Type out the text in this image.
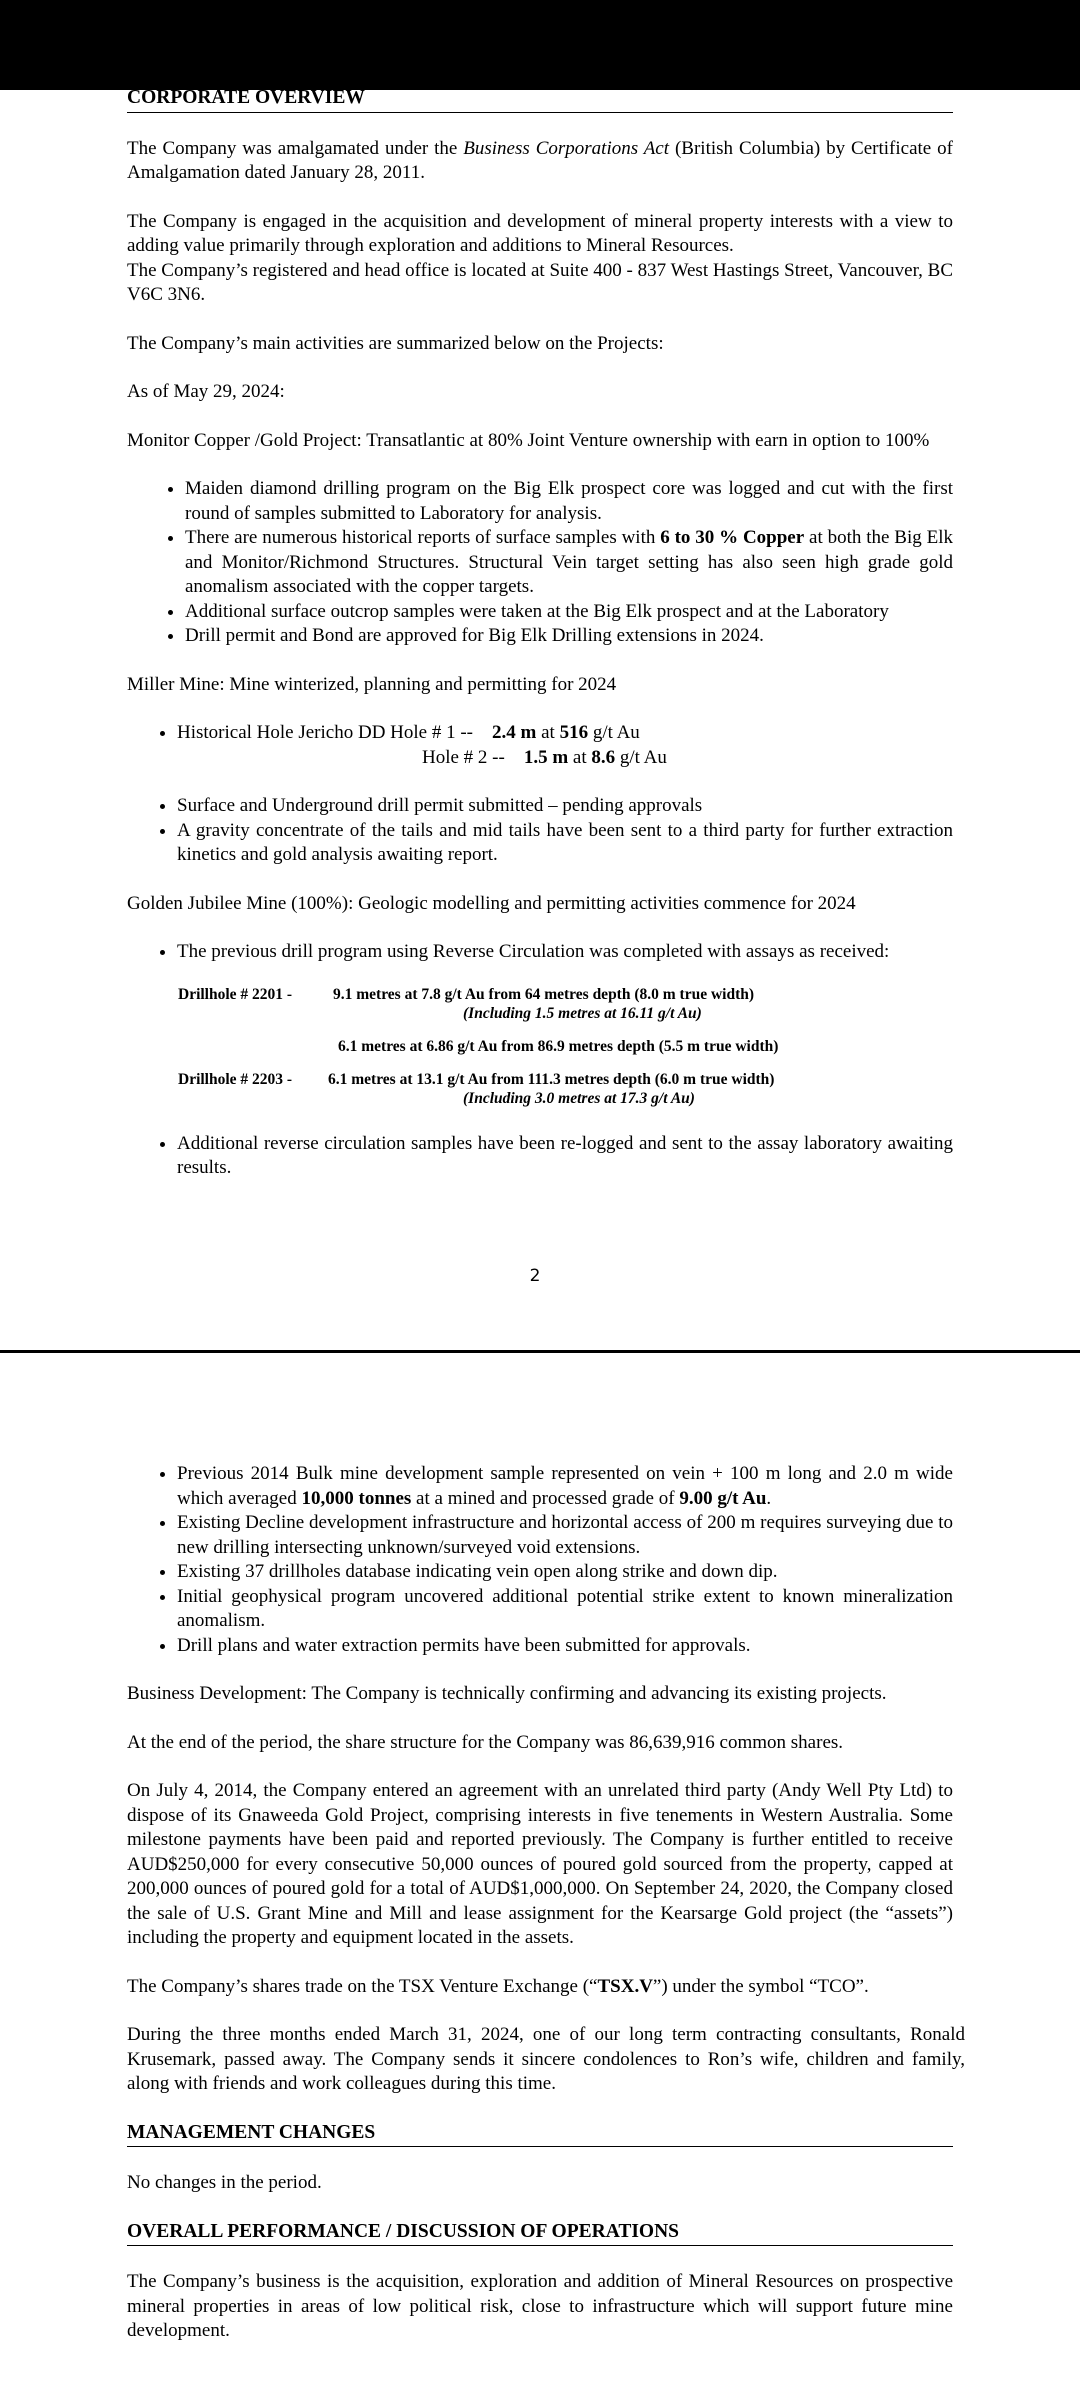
CORPORATE OVERVIEW

The Company was amalgamated under the Business Corporations Act (British Columbia) by Certificate of Amalgamation dated January 28, 2011.

The Company is engaged in the acquisition and development of mineral property interests with a view to adding value primarily through exploration and additions to Mineral Resources.

The Company’s registered and head office is located at Suite 400 - 837 West Hastings Street, Vancouver, BC V6C 3N6.

The Company’s main activities are summarized below on the Projects:

As of May 29, 2024:

Monitor Copper /Gold Project: Transatlantic at 80% Joint Venture ownership with earn in option to 100%

• Maiden diamond drilling program on the Big Elk prospect core was logged and cut with the first round of samples submitted to Laboratory for analysis.
• There are numerous historical reports of surface samples with 6 to 30 % Copper at both the Big Elk and Monitor/Richmond Structures. Structural Vein target setting has also seen high grade gold anomalism associated with the copper targets.
• Additional surface outcrop samples were taken at the Big Elk prospect and at the Laboratory
• Drill permit and Bond are approved for Big Elk Drilling extensions in 2024.

Miller Mine: Mine winterized, planning and permitting for 2024

• Historical Hole Jericho DD Hole # 1 --    2.4 m at 516 g/t Au
Hole # 2 --    1.5 m at 8.6 g/t Au
• Surface and Underground drill permit submitted – pending approvals
• A gravity concentrate of the tails and mid tails have been sent to a third party for further extraction kinetics and gold analysis awaiting report.

Golden Jubilee Mine (100%): Geologic modelling and permitting activities commence for 2024

• The previous drill program using Reverse Circulation was completed with assays as received:
Drillhole # 2201 -	9.1 metres at 7.8 g/t Au from 64 metres depth (8.0 m true width)
(Including 1.5 metres at 16.11 g/t Au)
6.1 metres at 6.86 g/t Au from 86.9 metres depth (5.5 m true width)
Drillhole # 2203 - 6.1 metres at 13.1 g/t Au from 111.3 metres depth (6.0 m true width)
(Including 3.0 metres at 17.3 g/t Au)
• Additional reverse circulation samples have been re-logged and sent to the assay laboratory awaiting results.
2
• Previous 2014 Bulk mine development sample represented on vein + 100 m long and 2.0 m wide which averaged 10,000 tonnes at a mined and processed grade of 9.00 g/t Au.
• Existing Decline development infrastructure and horizontal access of 200 m requires surveying due to new drilling intersecting unknown/surveyed void extensions.
• Existing 37 drillholes database indicating vein open along strike and down dip.
• Initial geophysical program uncovered additional potential strike extent to known mineralization anomalism.
• Drill plans and water extraction permits have been submitted for approvals.

Business Development: The Company is technically confirming and advancing its existing projects.

At the end of the period, the share structure for the Company was 86,639,916 common shares.

On July 4, 2014, the Company entered an agreement with an unrelated third party (Andy Well Pty Ltd) to dispose of its Gnaweeda Gold Project, comprising interests in five tenements in Western Australia. Some milestone payments have been paid and reported previously. The Company is further entitled to receive AUD$250,000 for every consecutive 50,000 ounces of poured gold sourced from the property, capped at 200,000 ounces of poured gold for a total of AUD$1,000,000. On September 24, 2020, the Company closed the sale of U.S. Grant Mine and Mill and lease assignment for the Kearsarge Gold project (the “assets”) including the property and equipment located in the assets.

The Company’s shares trade on the TSX Venture Exchange (“TSX.V”) under the symbol “TCO”.

During the three months ended March 31, 2024, one of our long term contracting consultants, Ronald Krusemark, passed away. The Company sends it sincere condolences to Ron’s wife, children and family, along with friends and work colleagues during this time.

MANAGEMENT CHANGES

No changes in the period.

OVERALL PERFORMANCE / DISCUSSION OF OPERATIONS

The Company’s business is the acquisition, exploration and addition of Mineral Resources on prospective mineral properties in areas of low political risk, close to infrastructure which will support future mine development.
